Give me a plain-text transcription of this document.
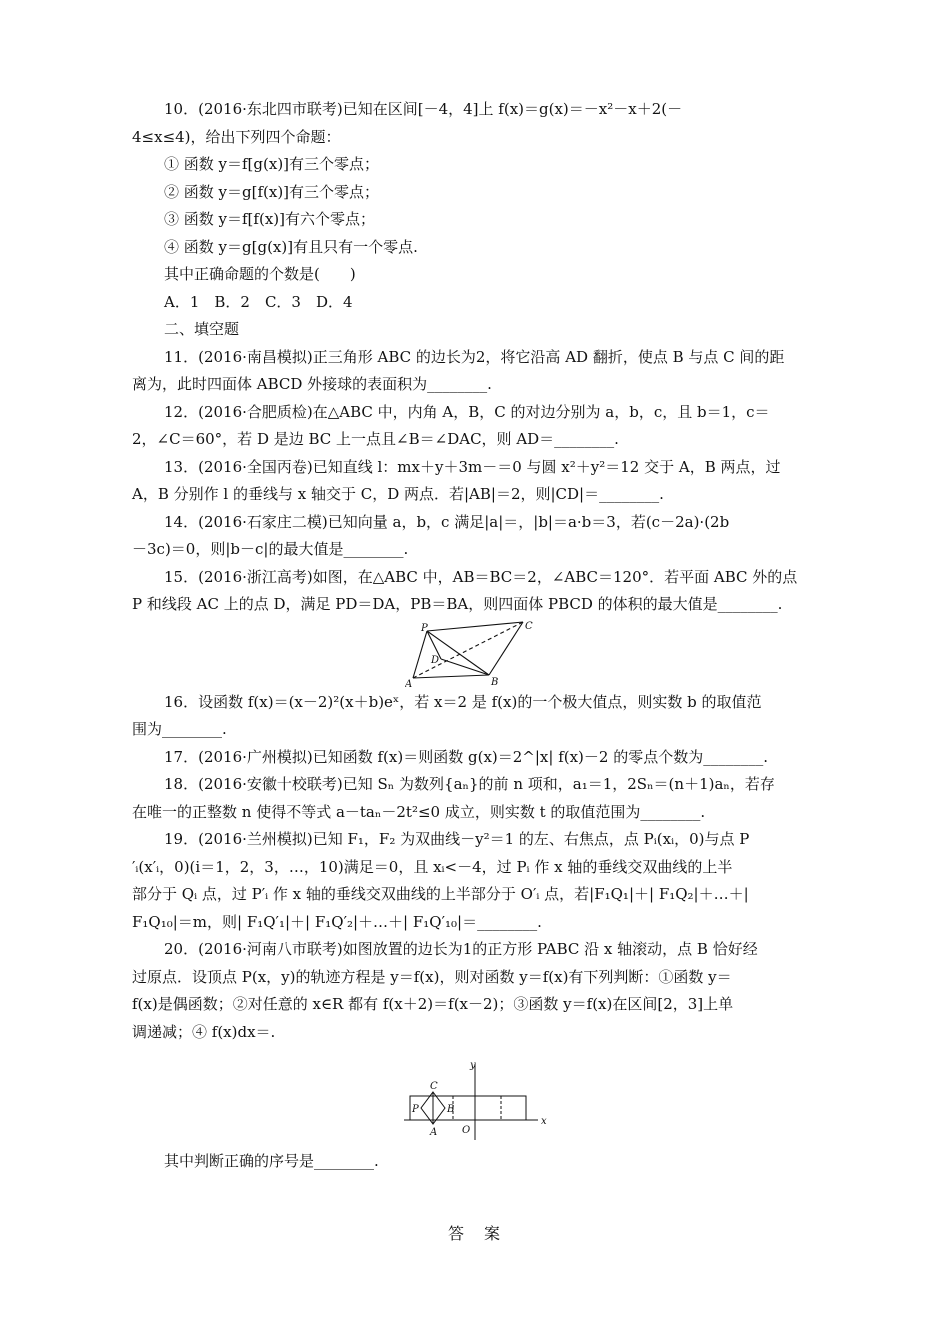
10．(2016·东北四市联考)已知在区间[－4，4]上 f(x)＝g(x)＝－x²－x＋2(－

4≤x≤4)，给出下列四个命题：

① 函数 y＝f[g(x)]有三个零点；

② 函数 y＝g[f(x)]有三个零点；

③ 函数 y＝f[f(x)]有六个零点；

④ 函数 y＝g[g(x)]有且只有一个零点.

其中正确命题的个数是(　　)

A．1　B．2　C．3　D．4

二、填空题

11．(2016·南昌模拟)正三角形 ABC 的边长为2，将它沿高 AD 翻折，使点 B 与点 C 间的距

离为，此时四面体 ABCD 外接球的表面积为________.

12．(2016·合肥质检)在△ABC 中，内角 A，B，C 的对边分别为 a，b，c，且 b＝1，c＝

2，∠C＝60°，若 D 是边 BC 上一点且∠B＝∠DAC，则 AD＝________.

13．(2016·全国丙卷)已知直线 l：mx＋y＋3m－＝0 与圆 x²＋y²＝12 交于 A，B 两点，过

A，B 分别作 l 的垂线与 x 轴交于 C，D 两点．若|AB|＝2，则|CD|＝________.

14．(2016·石家庄二模)已知向量 a，b，c 满足|a|＝，|b|＝a·b＝3，若(c－2a)·(2b

－3c)＝0，则|b－c|的最大值是________.

15．(2016·浙江高考)如图，在△ABC 中，AB＝BC＝2，∠ABC＝120°．若平面 ABC 外的点

P 和线段 AC 上的点 D，满足 PD＝DA，PB＝BA，则四面体 PBCD 的体积的最大值是________.

P	C
D
A	B

16．设函数 f(x)＝(x－2)²(x＋b)eˣ，若 x＝2 是 f(x)的一个极大值点，则实数 b 的取值范

围为________.

17．(2016·广州模拟)已知函数 f(x)＝则函数 g(x)＝2^|x| f(x)－2 的零点个数为________.

18．(2016·安徽十校联考)已知 Sₙ 为数列{aₙ}的前 n 项和，a₁＝1，2Sₙ＝(n＋1)aₙ，若存

在唯一的正整数 n 使得不等式 a－taₙ－2t²≤0 成立，则实数 t 的取值范围为________.

19．(2016·兰州模拟)已知 F₁，F₂ 为双曲线－y²＝1 的左、右焦点，点 Pᵢ(xᵢ，0)与点 P

′ᵢ(x′ᵢ，0)(i＝1，2，3，…，10)满足＝0，且 xᵢ<－4，过 Pᵢ 作 x 轴的垂线交双曲线的上半

部分于 Qᵢ 点，过 P′ᵢ 作 x 轴的垂线交双曲线的上半部分于 O′ᵢ 点，若|F₁Q₁|＋| F₁Q₂|＋…＋|

F₁Q₁₀|＝m，则| F₁Q′₁|＋| F₁Q′₂|＋…＋| F₁Q′₁₀|＝________.

20．(2016·河南八市联考)如图放置的边长为1的正方形 PABC 沿 x 轴滚动，点 B 恰好经

过原点．设顶点 P(x，y)的轨迹方程是 y＝f(x)，则对函数 y＝f(x)有下列判断：①函数 y＝

f(x)是偶函数；②对任意的 x∈R 都有 f(x＋2)＝f(x－2)；③函数 y＝f(x)在区间[2，3]上单

调递减；④ f(x)dx＝.

y
C
P	B
A O
x

其中判断正确的序号是________.

答　案
